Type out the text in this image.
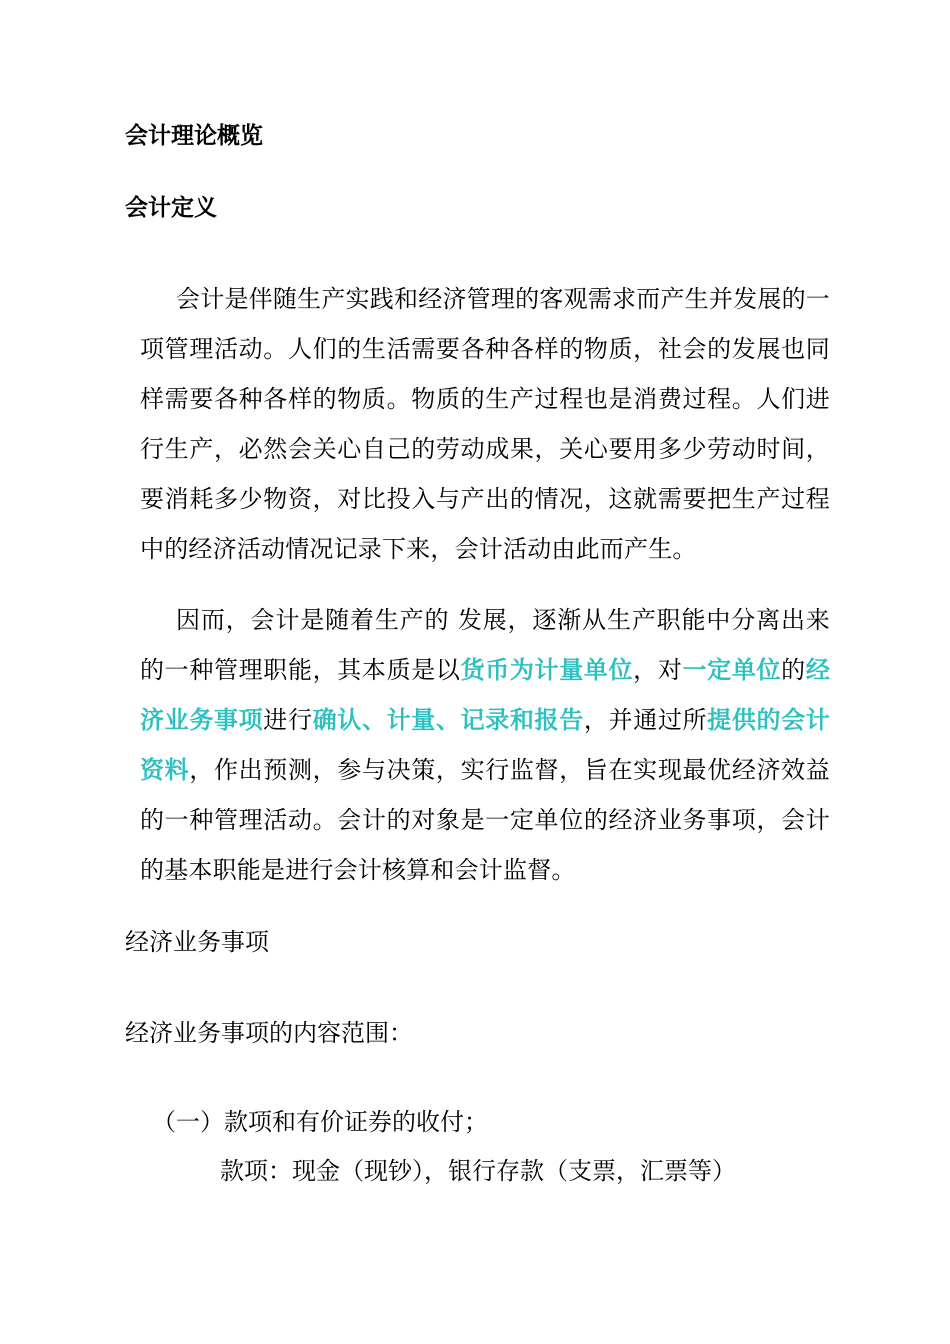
会计理论概览
会计定义

会计是伴随生产实践和经济管理的客观需求而产生并发展的一项管理活动。人们的生活需要各种各样的物质，社会的发展也同样需要各种各样的物质。物质的生产过程也是消费过程。人们进行生产，必然会关心自己的劳动成果，关心要用多少劳动时间，要消耗多少物资，对比投入与产出的情况，这就需要把生产过程中的经济活动情况记录下来，会计活动由此而产生。

因而，会计是随着生产的 发展，逐渐从生产职能中分离出来的一种管理职能，其本质是以货币为计量单位，对一定单位的经济业务事项进行确认、计量、记录和报告，并通过所提供的会计资料，作出预测，参与决策，实行监督，旨在实现最优经济效益的一种管理活动。会计的对象是一定单位的经济业务事项，会计的基本职能是进行会计核算和会计监督。

经济业务事项
经济业务事项的内容范围：
（一）款项和有价证券的收付；
款项：现金（现钞），银行存款（支票，汇票等）
